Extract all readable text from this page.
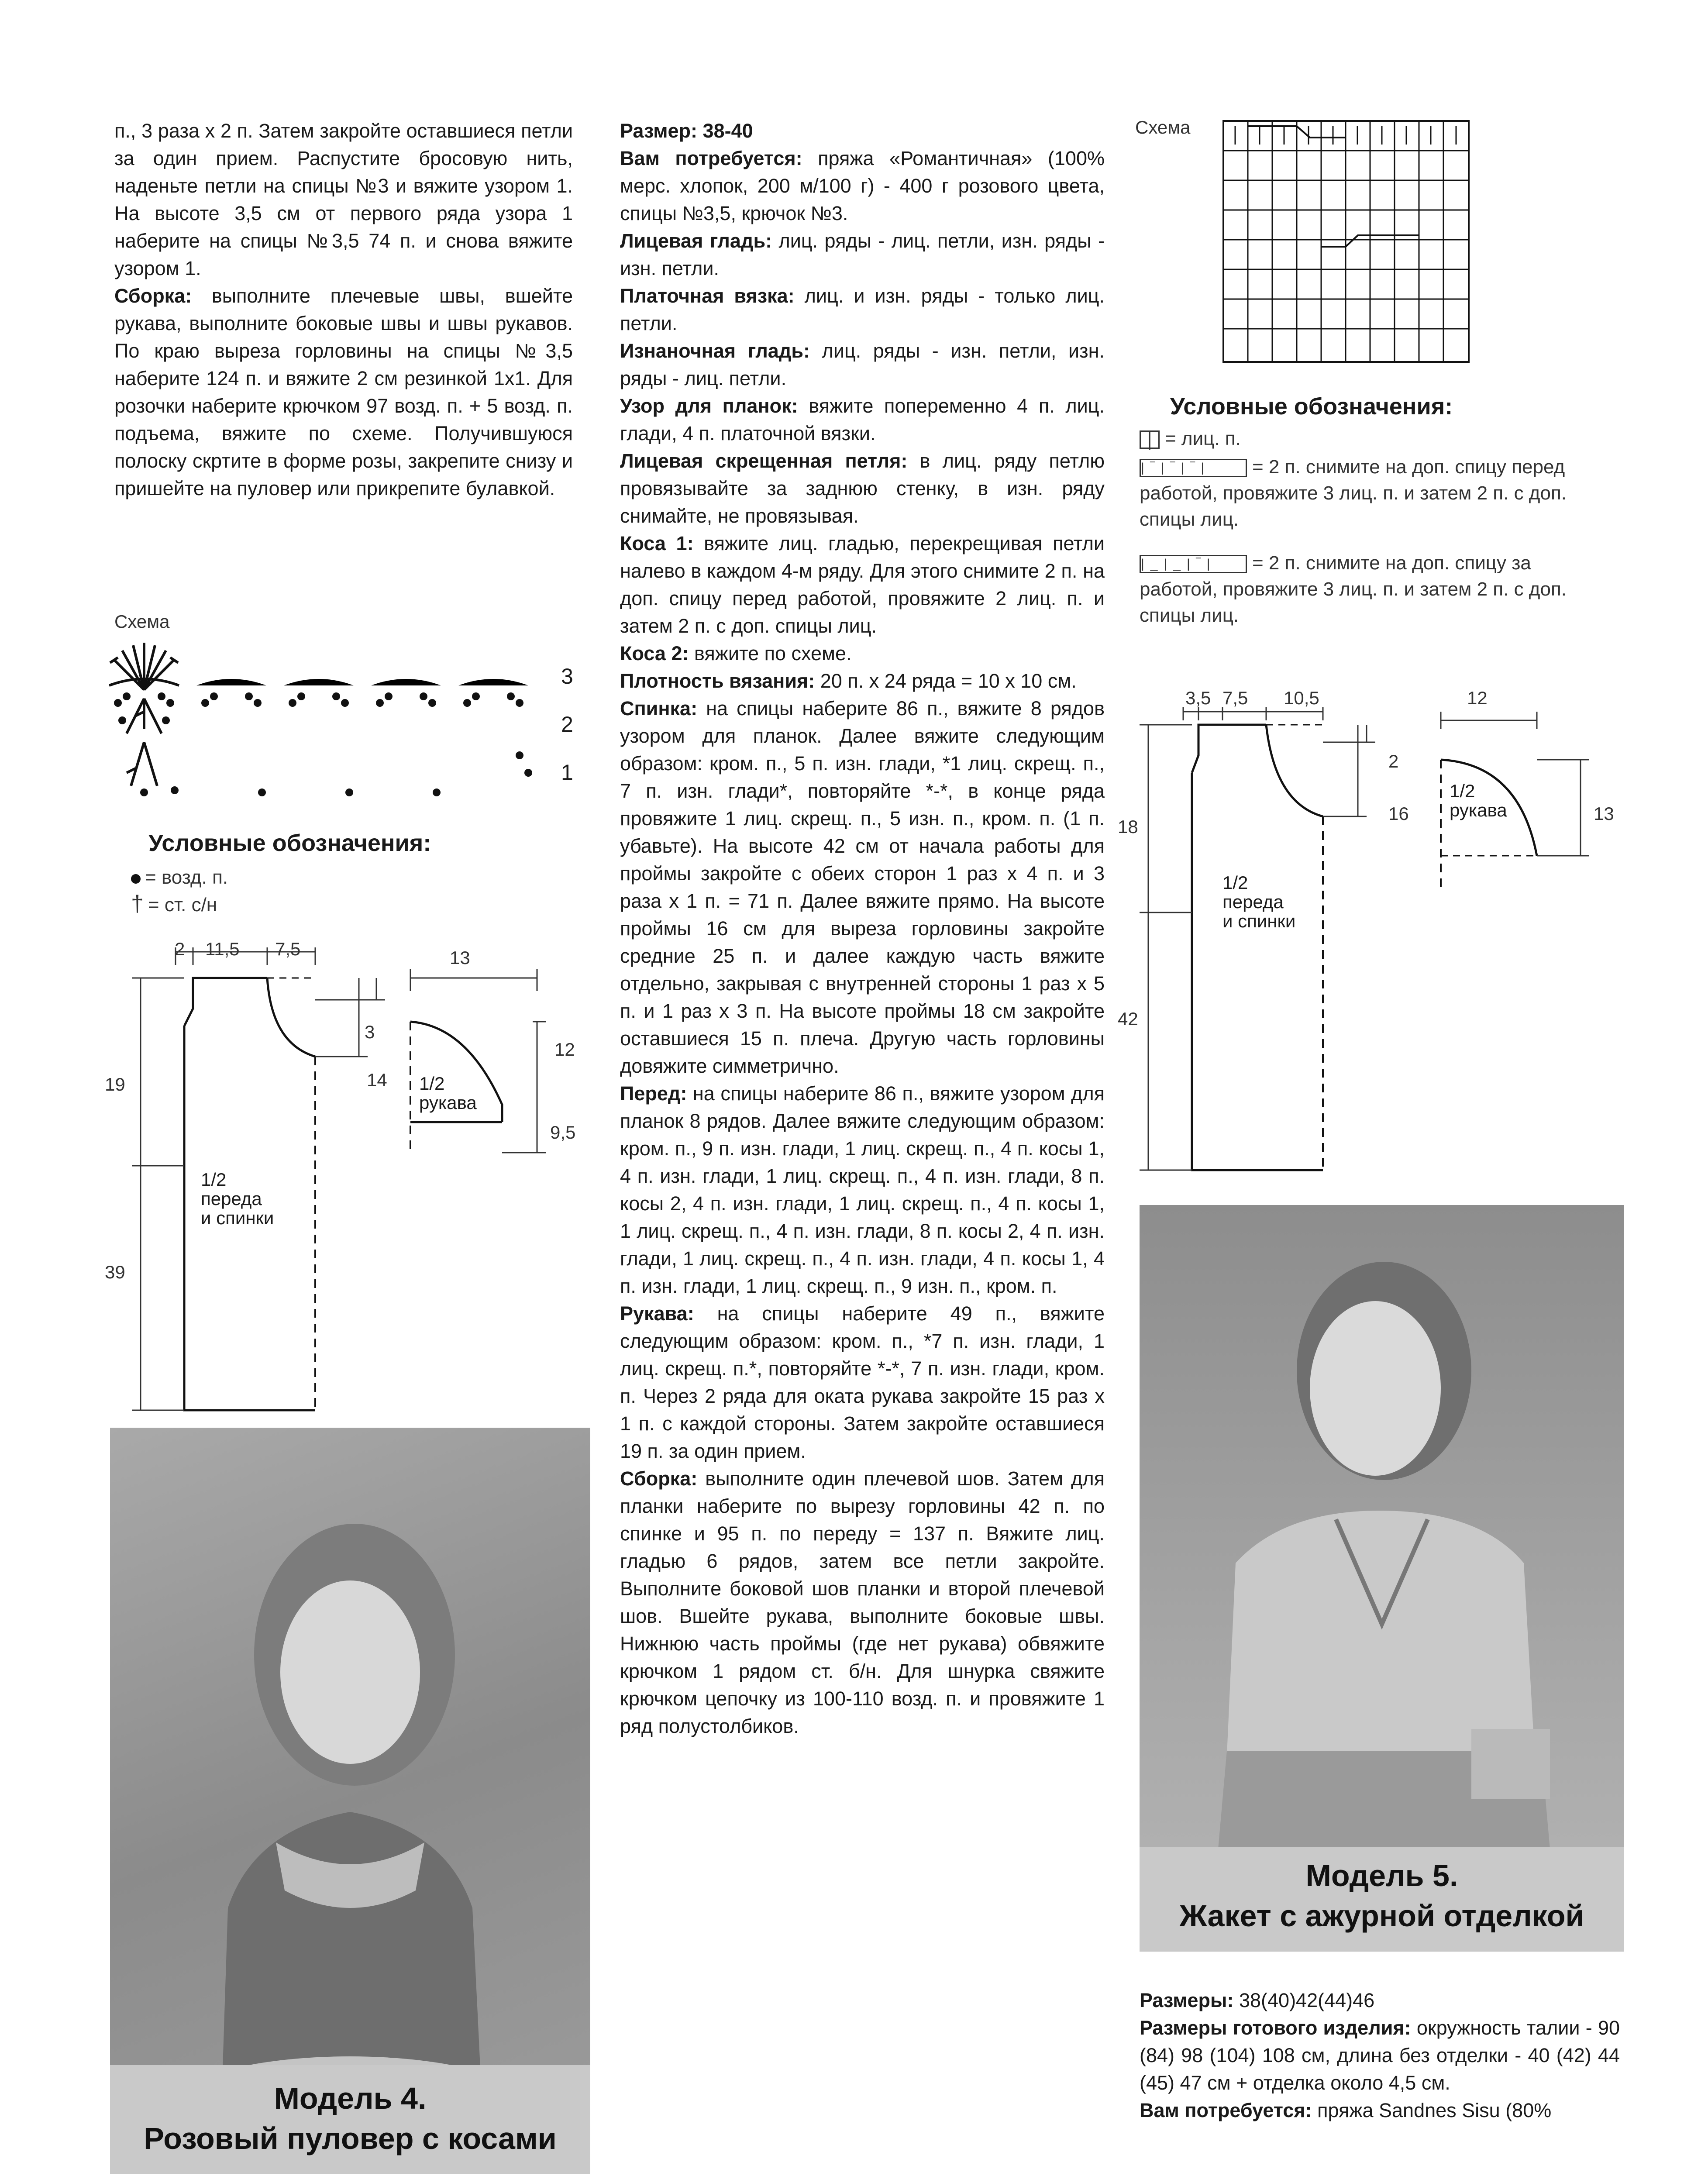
п., 3 раза х 2 п. Затем закройте оставшиеся петли за один прием. Распустите бросовую нить, наденьте петли на спицы №3 и вяжите узором 1. На высоте 3,5 см от первого ряда узора 1 наберите на спицы №3,5 74 п. и снова вяжите узором 1.

Сборка: выполните плечевые швы, вшейте рукава, выполните боковые швы и швы рукавов. По краю выреза горловины на спицы №3,5 наберите 124 п. и вяжите 2 см резинкой 1х1. Для розочки наберите крючком 97 возд. п. + 5 возд. п. подъема, вяжите по схеме. Получившуюся полоску скртите в форме розы, закрепите снизу и пришейте на пуловер или прикрепите булавкой.

Схема
3
2
1
Условные обозначения:
= возд. п.
† = ст. с/н
2 11,5 7,5
3
14
19
39
1/2
переда
и спинки
13
12
9,5
1/2
рукава
Модель 4.
Розовый пуловер с косами

Размер: 38-40

Вам потребуется: пряжа «Романтичная» (100% мерс. хлопок, 200 м/100 г) - 400 г розового цвета, спицы №3,5, крючок №3.

Лицевая гладь: лиц. ряды - лиц. петли, изн. ряды - изн. петли.

Платочная вязка: лиц. и изн. ряды - только лиц. петли.

Изнаночная гладь: лиц. ряды - изн. петли, изн. ряды - лиц. петли.

Узор для планок: вяжите попеременно 4 п. лиц. глади, 4 п. платочной вязки.

Лицевая скрещенная петля: в лиц. ряду петлю провязывайте за заднюю стенку, в изн. ряду снимайте, не провязывая.

Коса 1: вяжите лиц. гладью, перекрещивая петли налево в каждом 4-м ряду. Для этого снимите 2 п. на доп. спицу перед работой, провяжите 2 лиц. п. и затем 2 п. с доп. спицы лиц.

Коса 2: вяжите по схеме.

Плотность вязания: 20 п. х 24 ряда = 10 х 10 см.

Спинка: на спицы наберите 86 п., вяжите 8 рядов узором для планок. Далее вяжите следующим образом: кром. п., 5 п. изн. глади, *1 лиц. скрещ. п., 7 п. изн. глади*, повторяйте *-*, в конце ряда провяжите 1 лиц. скрещ. п., 5 изн. п., кром. п. (1 п. убавьте). На высоте 42 см от начала работы для проймы закройте с обеих сторон 1 раз х 4 п. и 3 раза х 1 п. = 71 п. Далее вяжите прямо. На высоте проймы 16 см для выреза горловины закройте средние 25 п. и далее каждую часть вяжите отдельно, закрывая с внутренней стороны 1 раз х 5 п. и 1 раз х 3 п. На высоте проймы 18 см закройте оставшиеся 15 п. плеча. Другую часть горловины довяжите симметрично.

Перед: на спицы наберите 86 п., вяжите узором для планок 8 рядов. Далее вяжите следующим образом: кром. п., 9 п. изн. глади, 1 лиц. скрещ. п., 4 п. косы 1, 4 п. изн. глади, 1 лиц. скрещ. п., 4 п. изн. глади, 8 п. косы 2, 4 п. изн. глади, 1 лиц. скрещ. п., 4 п. косы 1, 1 лиц. скрещ. п., 4 п. изн. глади, 8 п. косы 2, 4 п. изн. глади, 1 лиц. скрещ. п., 4 п. изн. глади, 4 п. косы 1, 4 п. изн. глади, 1 лиц. скрещ. п., 9 изн. п., кром. п.

Рукава: на спицы наберите 49 п., вяжите следующим образом: кром. п., *7 п. изн. глади, 1 лиц. скрещ. п.*, повторяйте *-*, 7 п. изн. глади, кром. п. Через 2 ряда для оката рукава закройте 15 раз х 1 п. с каждой стороны. Затем закройте оставшиеся 19 п. за один прием.

Сборка: выполните один плечевой шов. Затем для планки наберите по вырезу горловины 42 п. по спинке и 95 п. по переду = 137 п. Вяжите лиц. гладью 6 рядов, затем все петли закройте. Выполните боковой шов планки и второй плечевой шов. Вшейте рукава, выполните боковые швы. Нижнюю часть проймы (где нет рукава) обвяжите крючком 1 рядом ст. б/н. Для шнурка свяжите крючком цепочку из 100-110 возд. п. и провяжите 1 ряд полустолбиков.

Схема
Условные обозначения:
| = лиц. п.
|‾|‾|‾| = 2 п. снимите на доп. спицу перед работой, провяжите 3 лиц. п. и затем 2 п. с доп. спицы лиц.
|_|_|‾| = 2 п. снимите на доп. спицу за работой, провяжите 3 лиц. п. и затем 2 п. с доп. спицы лиц.
3,5 7,5 10,5
2
16
18
42
1/2
переда
и спинки
12
13
1/2
рукава
Модель 5.
Жакет с ажурной отделкой

Размеры: 38(40)42(44)46

Размеры готового изделия: окружность талии - 90 (84) 98 (104) 108 см, длина без отделки - 40 (42) 44 (45) 47 см + отделка около 4,5 см.

Вам потребуется: пряжа Sandnes Sisu (80%
